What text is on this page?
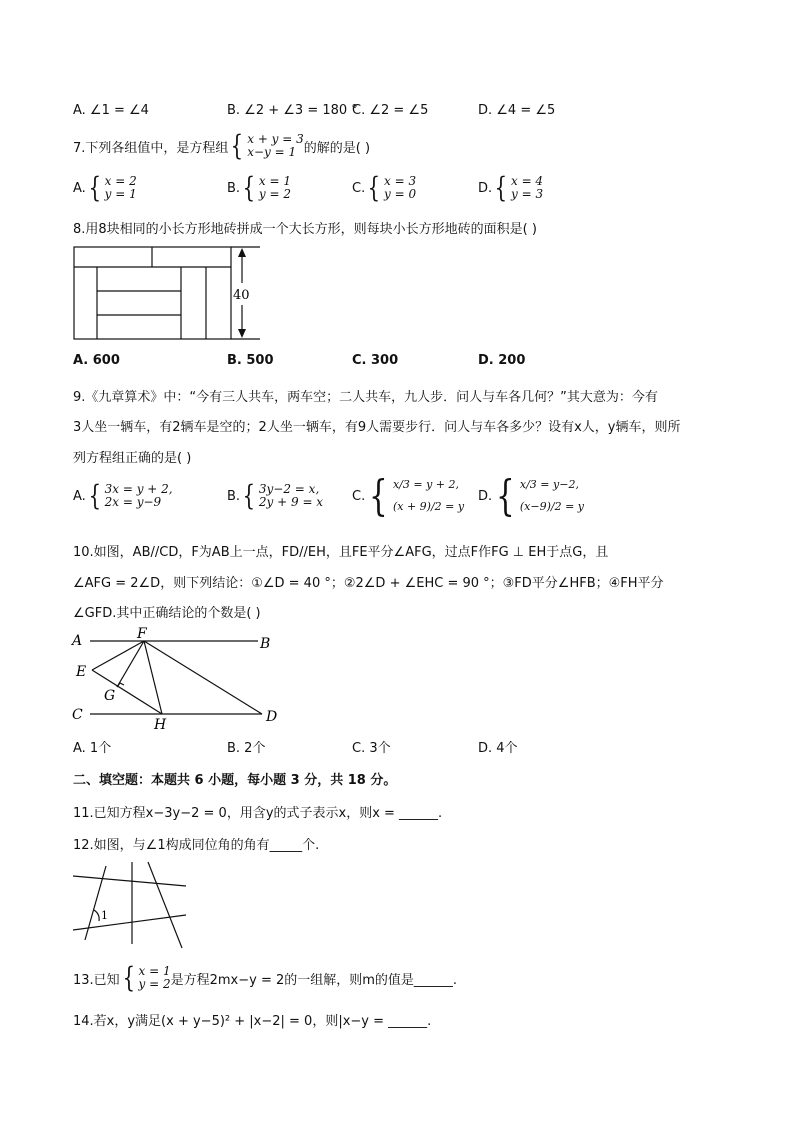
A. ∠1 = ∠4	B. ∠2 + ∠3 = 180 °
C. ∠2 = ∠5	D. ∠4 = ∠5
7.下列各组值中，是方程组 { x + y = 3
x−y = 1 的解的是( )
A. { x = 2
y = 1	B. { x = 1
y = 2	C. { x = 3
y = 0	D. { x = 4
y = 3
8.用8块相同的小长方形地砖拼成一个大长方形，则每块小长方形地砖的面积是( )
40
A. 600	B. 500	C. 300	D. 200
9.《九章算术》中：“今有三人共车，两车空；二人共车，九人步．问人与车各几何？”其大意为：今有
3人坐一辆车，有2辆车是空的；2人坐一辆车，有9人需要步行．问人与车各多少？设有x人，y辆车，则所
列方程组正确的是( )
A. { 3x = y + 2,
2x = y−9	B. { 3y−2 = x,
2y + 9 = x C. { x/3 = y + 2,
(x + 9)/2 = y
D. { x/3 = y−2,
(x−9)/2 = y
10.如图，AB//CD，F为AB上一点，FD//EH，且FE平分∠AFG，过点F作FG ⊥ EH于点G，且
∠AFG = 2∠D，则下列结论：①∠D = 40 °；②2∠D + ∠EHC = 90 °；③FD平分∠HFB；④FH平分
∠GFD.其中正确结论的个数是( )
A	B
C	D
E
F
G
H
A. 1个	B. 2个	C. 3个	D. 4个
二、填空题：本题共 6 小题，每小题 3 分，共 18 分。
11.已知方程x−3y−2 = 0，用含y的式子表示x，则x = ______.
12.如图，与∠1构成同位角的角有_____个.
1
13.已知 { x = 1
y = 2 是方程2mx−y = 2的一组解，则m的值是______.
14.若x，y满足(x + y−5)² + |x−2| = 0，则|x−y = ______.
